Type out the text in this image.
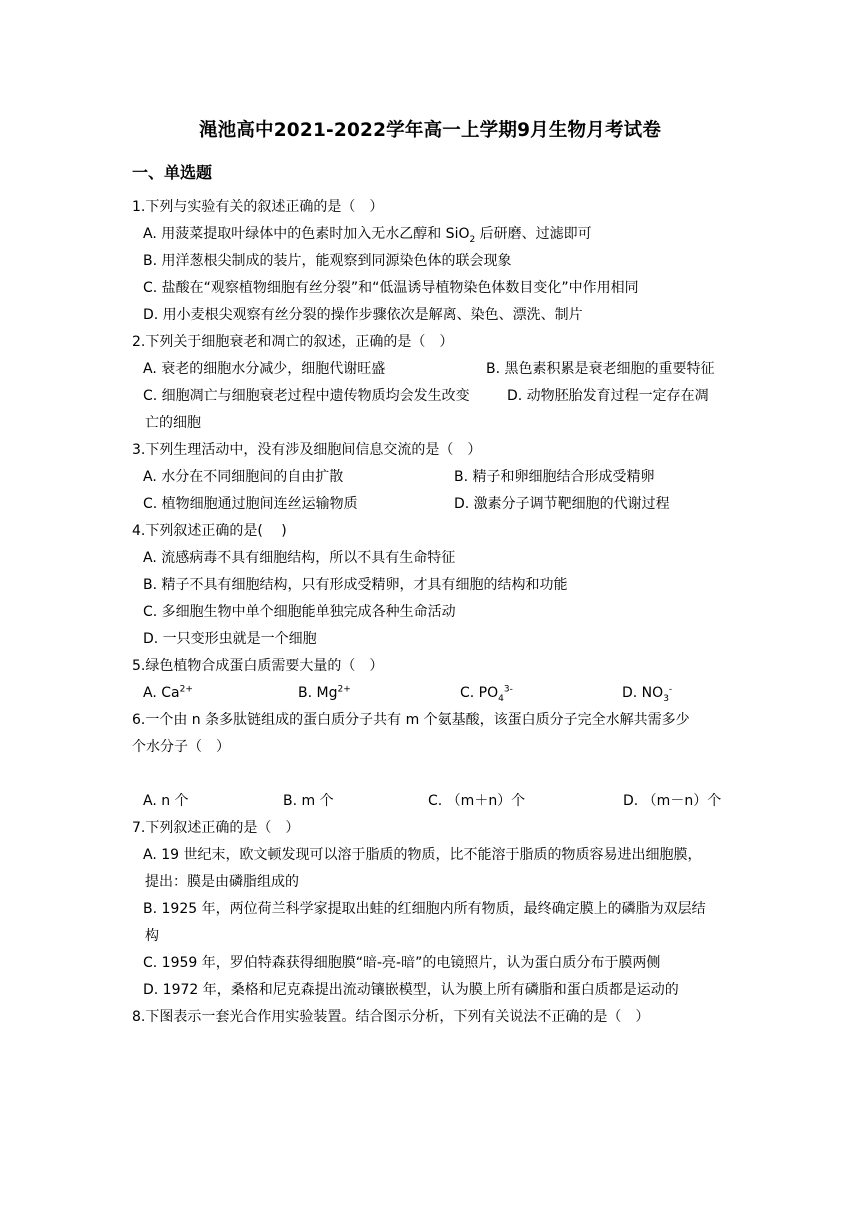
渑池高中2021-2022学年高一上学期9月生物月考试卷
一、单选题
1.下列与实验有关的叙述正确的是（　）
A. 用菠菜提取叶绿体中的色素时加入无水乙醇和 SiO$_2$ 后研磨、过滤即可
B. 用洋葱根尖制成的装片，能观察到同源染色体的联会现象
C. 盐酸在“观察植物细胞有丝分裂”和“低温诱导植物染色体数目变化”中作用相同
D. 用小麦根尖观察有丝分裂的操作步骤依次是解离、染色、漂洗、制片
2.下列关于细胞衰老和凋亡的叙述，正确的是（　）
A. 衰老的细胞水分减少，细胞代谢旺盛	B. 黑色素积累是衰老细胞的重要特征
C. 细胞凋亡与细胞衰老过程中遗传物质均会发生改变	D. 动物胚胎发育过程一定存在凋
亡的细胞
3.下列生理活动中，没有涉及细胞间信息交流的是（　）
A. 水分在不同细胞间的自由扩散	B. 精子和卵细胞结合形成受精卵
C. 植物细胞通过胞间连丝运输物质	D. 激素分子调节靶细胞的代谢过程
4.下列叙述正确的是(　 )
A. 流感病毒不具有细胞结构，所以不具有生命特征
B. 精子不具有细胞结构，只有形成受精卵，才具有细胞的结构和功能
C. 多细胞生物中单个细胞能单独完成各种生命活动
D. 一只变形虫就是一个细胞
5.绿色植物合成蛋白质需要大量的（　）
A. $Ca^{2+}$	B. $Mg^{2+}$	C. $PO_4^{3-}$	D. $NO_3^-$
6.一个由 n 条多肽链组成的蛋白质分子共有 m 个氨基酸，该蛋白质分子完全水解共需多少
个水分子（　）
A. n 个	B. m 个	C. （m＋n）个	D. （m－n）个
7.下列叙述正确的是（　）
A. 19 世纪末，欧文顿发现可以溶于脂质的物质，比不能溶于脂质的物质容易进出细胞膜，
提出：膜是由磷脂组成的
B. 1925 年，两位荷兰科学家提取出蛙的红细胞内所有物质，最终确定膜上的磷脂为双层结
构
C. 1959 年，罗伯特森获得细胞膜“暗-亮-暗”的电镜照片，认为蛋白质分布于膜两侧
D. 1972 年，桑格和尼克森提出流动镶嵌模型，认为膜上所有磷脂和蛋白质都是运动的
8.下图表示一套光合作用实验装置。结合图示分析，下列有关说法不正确的是（　）
